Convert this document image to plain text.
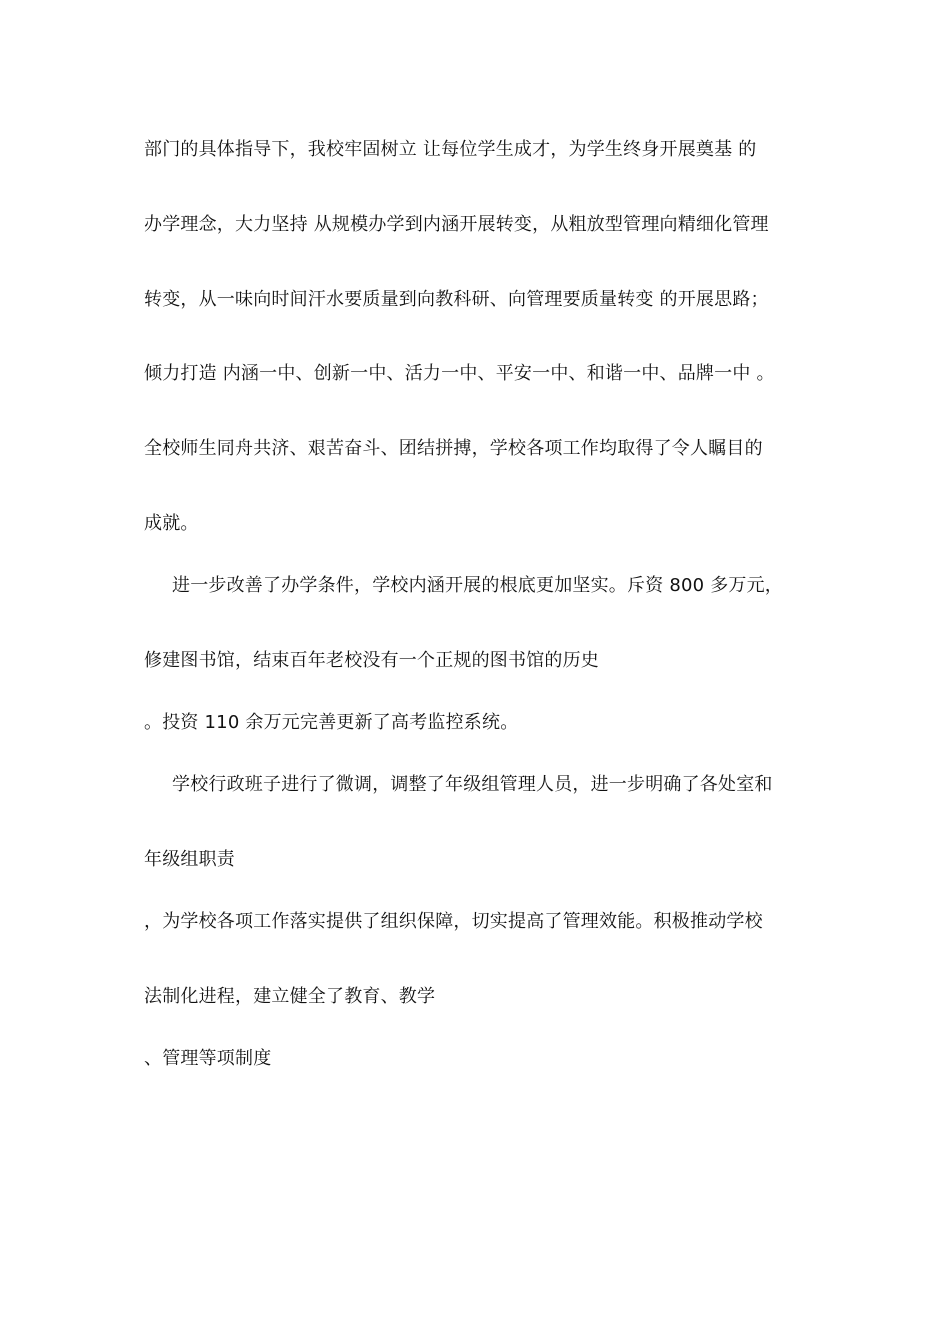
部门的具体指导下，我校牢固树立 让每位学生成才，为学生终身开展奠基 的
办学理念，大力坚持 从规模办学到内涵开展转变，从粗放型管理向精细化管理
转变，从一味向时间汗水要质量到向教科研、向管理要质量转变 的开展思路；
倾力打造 内涵一中、创新一中、活力一中、平安一中、和谐一中、品牌一中 。
全校师生同舟共济、艰苦奋斗、团结拼搏，学校各项工作均取得了令人瞩目的
成就。
进一步改善了办学条件，学校内涵开展的根底更加坚实。斥资 800 多万元，
修建图书馆，结束百年老校没有一个正规的图书馆的历史
。投资 110 余万元完善更新了高考监控系统。
学校行政班子进行了微调，调整了年级组管理人员，进一步明确了各处室和
年级组职责
，为学校各项工作落实提供了组织保障，切实提高了管理效能。积极推动学校
法制化进程，建立健全了教育、教学
、管理等项制度
